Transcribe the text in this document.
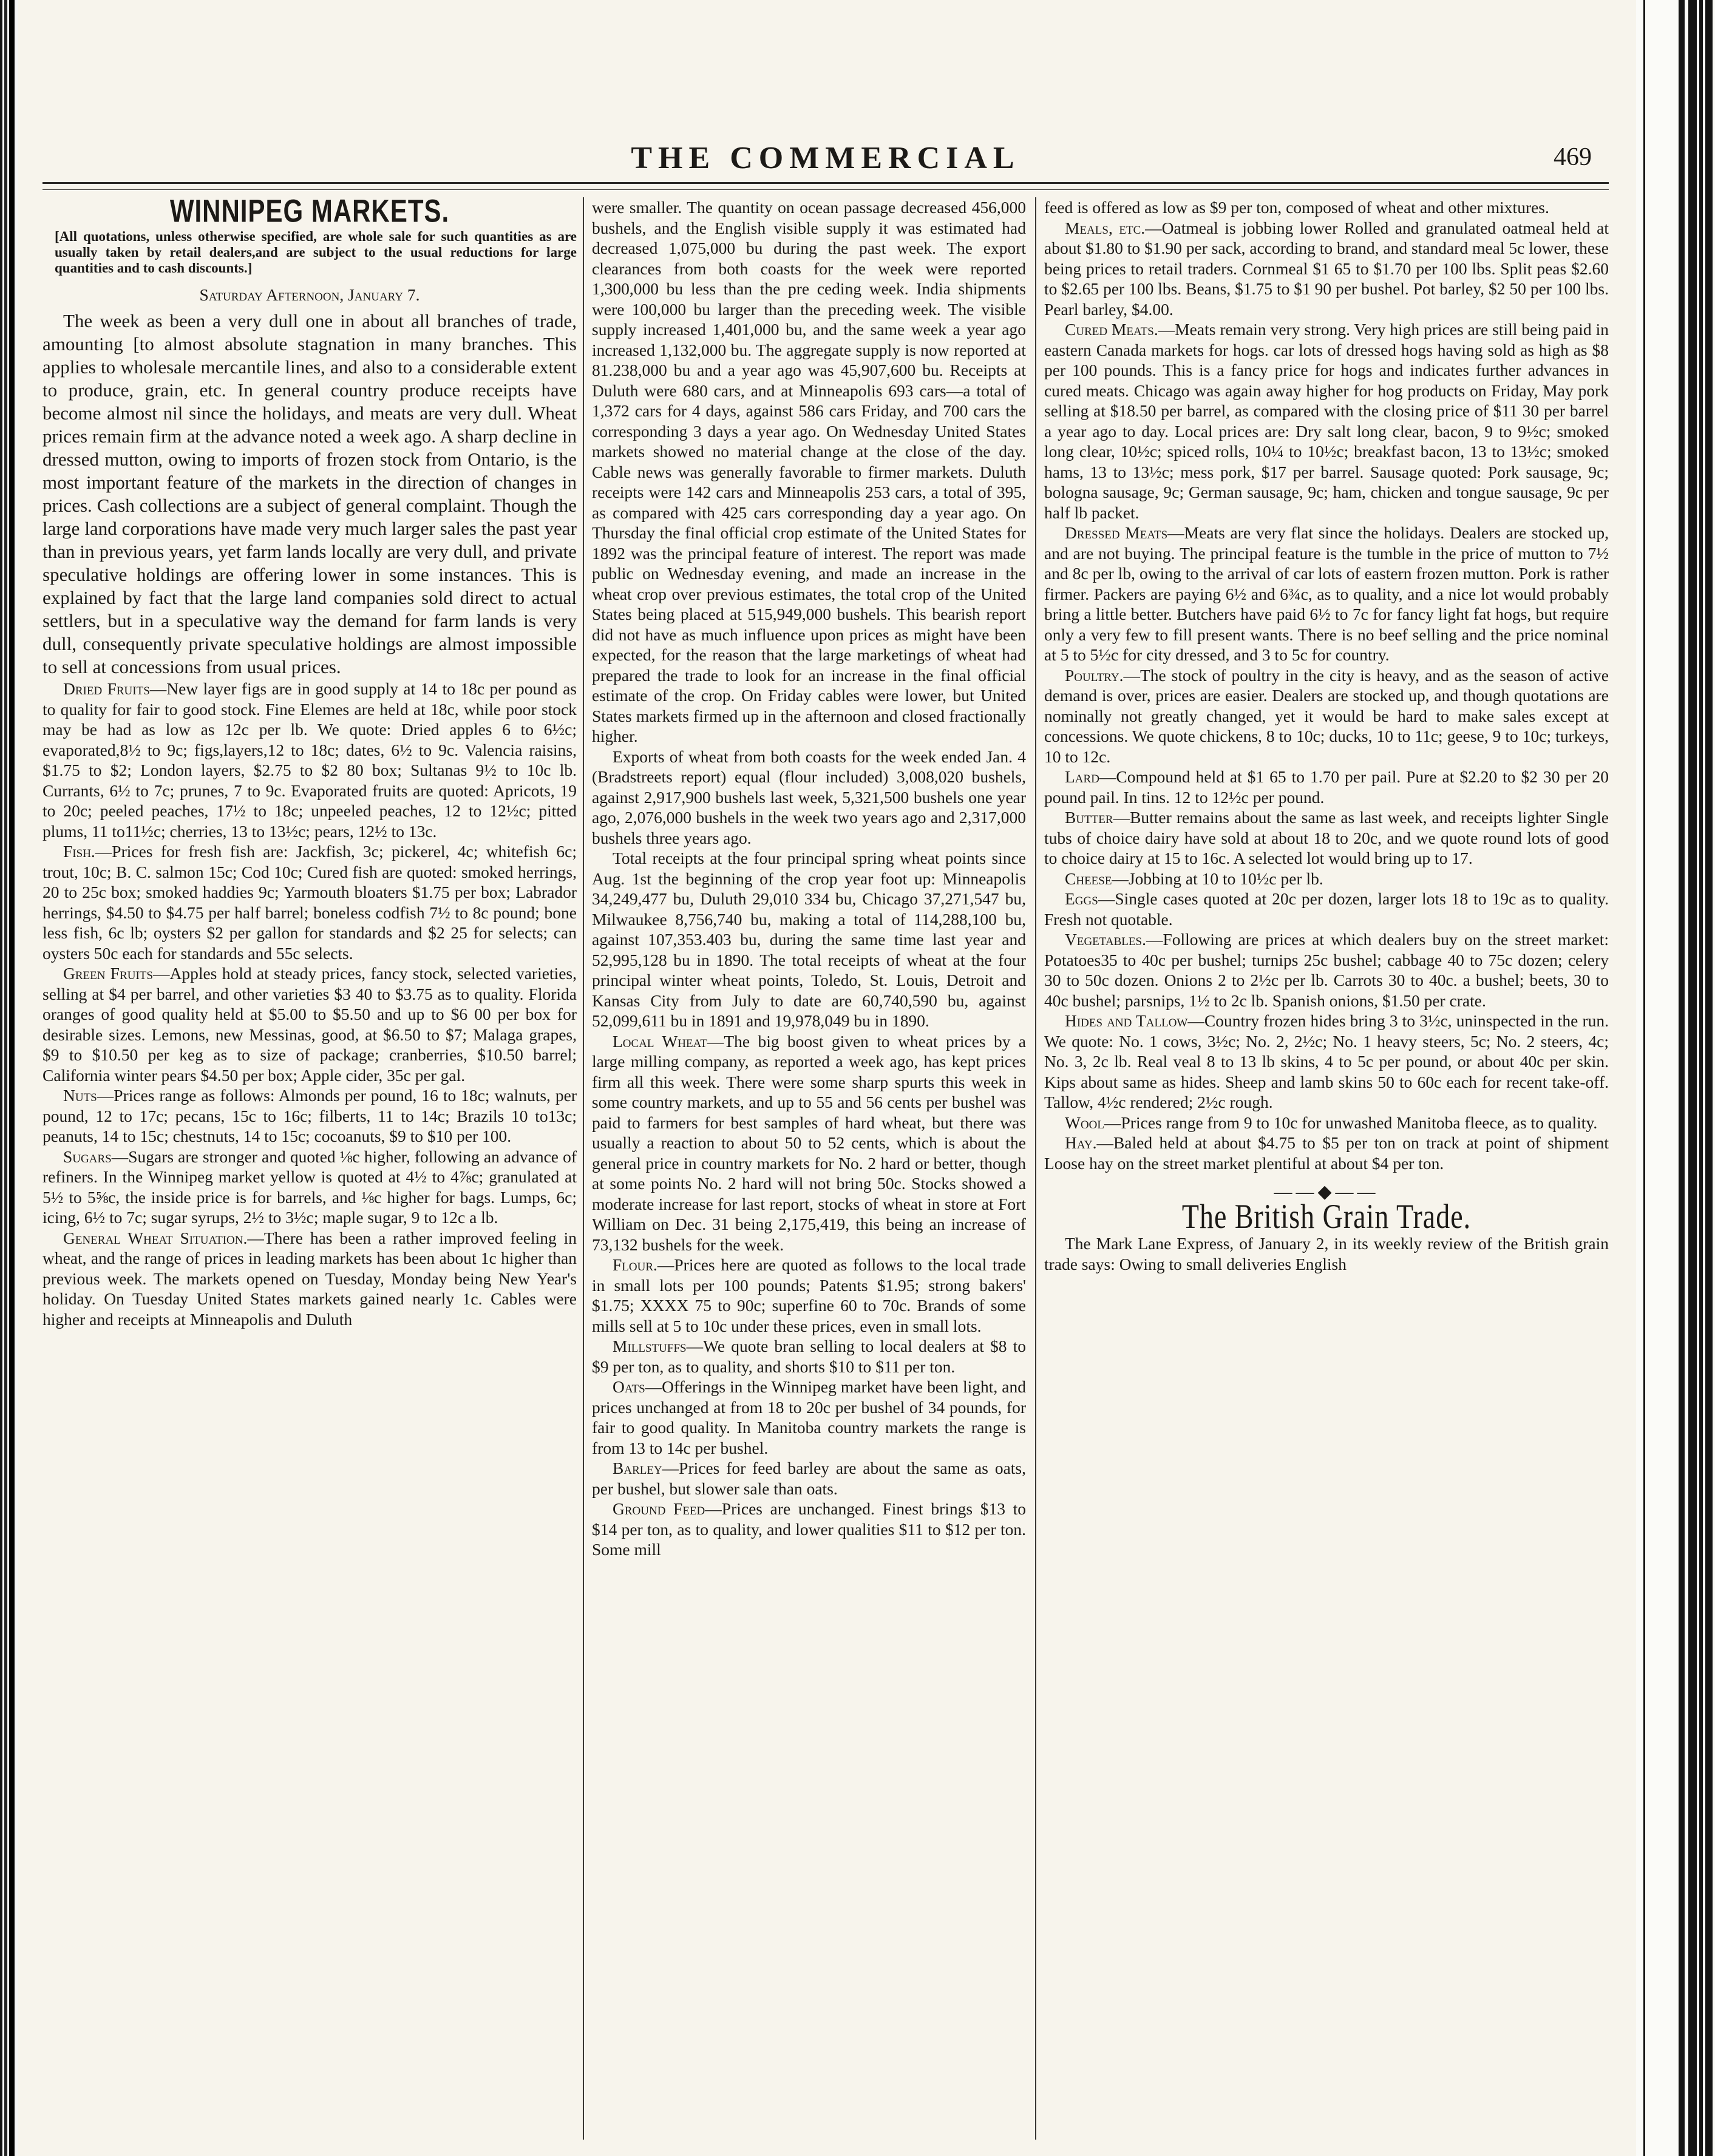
THE COMMERCIAL	469
WINNIPEG MARKETS.
[All quotations, unless otherwise specified, are whole sale for such quantities as are usually taken by retail dealers,and are subject to the usual reductions for large quantities and to cash discounts.]
Saturday Afternoon, January 7.

The week as been a very dull one in about all branches of trade, amounting [to almost absolute stagnation in many branches. This applies to wholesale mercantile lines, and also to a considerable extent to produce, grain, etc. In general country produce receipts have become almost nil since the holidays, and meats are very dull. Wheat prices remain firm at the advance noted a week ago. A sharp decline in dressed mutton, owing to imports of frozen stock from Ontario, is the most important feature of the markets in the direction of changes in prices. Cash collections are a subject of general complaint. Though the large land corporations have made very much larger sales the past year than in previous years, yet farm lands locally are very dull, and private speculative holdings are offering lower in some instances. This is explained by fact that the large land companies sold direct to actual settlers, but in a speculative way the demand for farm lands is very dull, consequently private speculative holdings are almost impossible to sell at concessions from usual prices.

Dried Fruits—New layer figs are in good supply at 14 to 18c per pound as to quality for fair to good stock. Fine Elemes are held at 18c, while poor stock may be had as low as 12c per lb. We quote: Dried apples 6 to 6½c; evaporated,8½ to 9c; figs,layers,12 to 18c; dates, 6½ to 9c. Valencia raisins, $1.75 to $2; London layers, $2.75 to $2 80 box; Sultanas 9½ to 10c lb. Currants, 6½ to 7c; prunes, 7 to 9c. Evaporated fruits are quoted: Apricots, 19 to 20c; peeled peaches, 17½ to 18c; unpeeled peaches, 12 to 12½c; pitted plums, 11 to11½c; cherries, 13 to 13½c; pears, 12½ to 13c.

Fish.—Prices for fresh fish are: Jackfish, 3c; pickerel, 4c; whitefish 6c; trout, 10c; B. C. salmon 15c; Cod 10c; Cured fish are quoted: smoked herrings, 20 to 25c box; smoked haddies 9c; Yarmouth bloaters $1.75 per box; Labrador herrings, $4.50 to $4.75 per half barrel; boneless codfish 7½ to 8c pound; bone less fish, 6c lb; oysters $2 per gallon for standards and $2 25 for selects; can oysters 50c each for standards and 55c selects.

Green Fruits—Apples hold at steady prices, fancy stock, selected varieties, selling at $4 per barrel, and other varieties $3 40 to $3.75 as to quality. Florida oranges of good quality held at $5.00 to $5.50 and up to $6 00 per box for desirable sizes. Lemons, new Messinas, good, at $6.50 to $7; Malaga grapes, $9 to $10.50 per keg as to size of package; cranberries, $10.50 barrel; California winter pears $4.50 per box; Apple cider, 35c per gal.

Nuts—Prices range as follows: Almonds per pound, 16 to 18c; walnuts, per pound, 12 to 17c; pecans, 15c to 16c; filberts, 11 to 14c; Brazils 10 to13c; peanuts, 14 to 15c; chestnuts, 14 to 15c; cocoanuts, $9 to $10 per 100.

Sugars—Sugars are stronger and quoted ⅛c higher, following an advance of refiners. In the Winnipeg market yellow is quoted at 4½ to 4⅞c; granulated at 5½ to 5⅝c, the inside price is for barrels, and ⅛c higher for bags. Lumps, 6c; icing, 6½ to 7c; sugar syrups, 2½ to 3½c; maple sugar, 9 to 12c a lb.

General Wheat Situation.—There has been a rather improved feeling in wheat, and the range of prices in leading markets has been about 1c higher than previous week. The markets opened on Tuesday, Monday being New Year's holiday. On Tuesday United States markets gained nearly 1c. Cables were higher and receipts at Minneapolis and Duluth

were smaller. The quantity on ocean passage decreased 456,000 bushels, and the English visible supply it was estimated had decreased 1,075,000 bu during the past week. The export clearances from both coasts for the week were reported 1,300,000 bu less than the pre ceding week. India shipments were 100,000 bu larger than the preceding week. The visible supply increased 1,401,000 bu, and the same week a year ago increased 1,132,000 bu. The aggregate supply is now reported at 81.238,000 bu and a year ago was 45,907,600 bu. Receipts at Duluth were 680 cars, and at Minneapolis 693 cars—a total of 1,372 cars for 4 days, against 586 cars Friday, and 700 cars the corresponding 3 days a year ago. On Wednesday United States markets showed no material change at the close of the day. Cable news was generally favorable to firmer markets. Duluth receipts were 142 cars and Minneapolis 253 cars, a total of 395, as compared with 425 cars corresponding day a year ago. On Thursday the final official crop estimate of the United States for 1892 was the principal feature of interest. The report was made public on Wednesday evening, and made an increase in the wheat crop over previous estimates, the total crop of the United States being placed at 515,949,000 bushels. This bearish report did not have as much influence upon prices as might have been expected, for the reason that the large marketings of wheat had prepared the trade to look for an increase in the final official estimate of the crop. On Friday cables were lower, but United States markets firmed up in the afternoon and closed fractionally higher.

Exports of wheat from both coasts for the week ended Jan. 4 (Bradstreets report) equal (flour included) 3,008,020 bushels, against 2,917,900 bushels last week, 5,321,500 bushels one year ago, 2,076,000 bushels in the week two years ago and 2,317,000 bushels three years ago.

Total receipts at the four principal spring wheat points since Aug. 1st the beginning of the crop year foot up: Minneapolis 34,249,477 bu, Duluth 29,010 334 bu, Chicago 37,271,547 bu, Milwaukee 8,756,740 bu, making a total of 114,288,100 bu, against 107,353.403 bu, during the same time last year and 52,995,128 bu in 1890. The total receipts of wheat at the four principal winter wheat points, Toledo, St. Louis, Detroit and Kansas City from July to date are 60,740,590 bu, against 52,099,611 bu in 1891 and 19,978,049 bu in 1890.

Local Wheat—The big boost given to wheat prices by a large milling company, as reported a week ago, has kept prices firm all this week. There were some sharp spurts this week in some country markets, and up to 55 and 56 cents per bushel was paid to farmers for best samples of hard wheat, but there was usually a reaction to about 50 to 52 cents, which is about the general price in country markets for No. 2 hard or better, though at some points No. 2 hard will not bring 50c. Stocks showed a moderate increase for last report, stocks of wheat in store at Fort William on Dec. 31 being 2,175,419, this being an increase of 73,132 bushels for the week.

Flour.—Prices here are quoted as follows to the local trade in small lots per 100 pounds; Patents $1.95; strong bakers' $1.75; XXXX 75 to 90c; superfine 60 to 70c. Brands of some mills sell at 5 to 10c under these prices, even in small lots.

Millstuffs—We quote bran selling to local dealers at $8 to $9 per ton, as to quality, and shorts $10 to $11 per ton.

Oats—Offerings in the Winnipeg market have been light, and prices unchanged at from 18 to 20c per bushel of 34 pounds, for fair to good quality. In Manitoba country markets the range is from 13 to 14c per bushel.

Barley—Prices for feed barley are about the same as oats, per bushel, but slower sale than oats.

Ground Feed—Prices are unchanged. Finest brings $13 to $14 per ton, as to quality, and lower qualities $11 to $12 per ton. Some mill

feed is offered as low as $9 per ton, composed of wheat and other mixtures.

Meals, etc.—Oatmeal is jobbing lower Rolled and granulated oatmeal held at about $1.80 to $1.90 per sack, according to brand, and standard meal 5c lower, these being prices to retail traders. Cornmeal $1 65 to $1.70 per 100 lbs. Split peas $2.60 to $2.65 per 100 lbs. Beans, $1.75 to $1 90 per bushel. Pot barley, $2 50 per 100 lbs. Pearl barley, $4.00.

Cured Meats.—Meats remain very strong. Very high prices are still being paid in eastern Canada markets for hogs. car lots of dressed hogs having sold as high as $8 per 100 pounds. This is a fancy price for hogs and indicates further advances in cured meats. Chicago was again away higher for hog products on Friday, May pork selling at $18.50 per barrel, as compared with the closing price of $11 30 per barrel a year ago to day. Local prices are: Dry salt long clear, bacon, 9 to 9½c; smoked long clear, 10½c; spiced rolls, 10¼ to 10½c; breakfast bacon, 13 to 13½c; smoked hams, 13 to 13½c; mess pork, $17 per barrel. Sausage quoted: Pork sausage, 9c; bologna sausage, 9c; German sausage, 9c; ham, chicken and tongue sausage, 9c per half lb packet.

Dressed Meats—Meats are very flat since the holidays. Dealers are stocked up, and are not buying. The principal feature is the tumble in the price of mutton to 7½ and 8c per lb, owing to the arrival of car lots of eastern frozen mutton. Pork is rather firmer. Packers are paying 6½ and 6¾c, as to quality, and a nice lot would probably bring a little better. Butchers have paid 6½ to 7c for fancy light fat hogs, but require only a very few to fill present wants. There is no beef selling and the price nominal at 5 to 5½c for city dressed, and 3 to 5c for country.

Poultry.—The stock of poultry in the city is heavy, and as the season of active demand is over, prices are easier. Dealers are stocked up, and though quotations are nominally not greatly changed, yet it would be hard to make sales except at concessions. We quote chickens, 8 to 10c; ducks, 10 to 11c; geese, 9 to 10c; turkeys, 10 to 12c.

Lard—Compound held at $1 65 to 1.70 per pail. Pure at $2.20 to $2 30 per 20 pound pail. In tins. 12 to 12½c per pound.

Butter—Butter remains about the same as last week, and receipts lighter Single tubs of choice dairy have sold at about 18 to 20c, and we quote round lots of good to choice dairy at 15 to 16c. A selected lot would bring up to 17.

Cheese—Jobbing at 10 to 10½c per lb.

Eggs—Single cases quoted at 20c per dozen, larger lots 18 to 19c as to quality. Fresh not quotable.

Vegetables.—Following are prices at which dealers buy on the street market: Potatoes35 to 40c per bushel; turnips 25c bushel; cabbage 40 to 75c dozen; celery 30 to 50c dozen. Onions 2 to 2½c per lb. Carrots 30 to 40c. a bushel; beets, 30 to 40c bushel; parsnips, 1½ to 2c lb. Spanish onions, $1.50 per crate.

Hides and Tallow—Country frozen hides bring 3 to 3½c, uninspected in the run. We quote: No. 1 cows, 3½c; No. 2, 2½c; No. 1 heavy steers, 5c; No. 2 steers, 4c; No. 3, 2c lb. Real veal 8 to 13 lb skins, 4 to 5c per pound, or about 40c per skin. Kips about same as hides. Sheep and lamb skins 50 to 60c each for recent take-off. Tallow, 4½c rendered; 2½c rough.

Wool—Prices range from 9 to 10c for unwashed Manitoba fleece, as to quality.

Hay.—Baled held at about $4.75 to $5 per ton on track at point of shipment Loose hay on the street market plentiful at about $4 per ton.

——◆——
The British Grain Trade.

The Mark Lane Express, of January 2, in its weekly review of the British grain trade says: Owing to small deliveries English
